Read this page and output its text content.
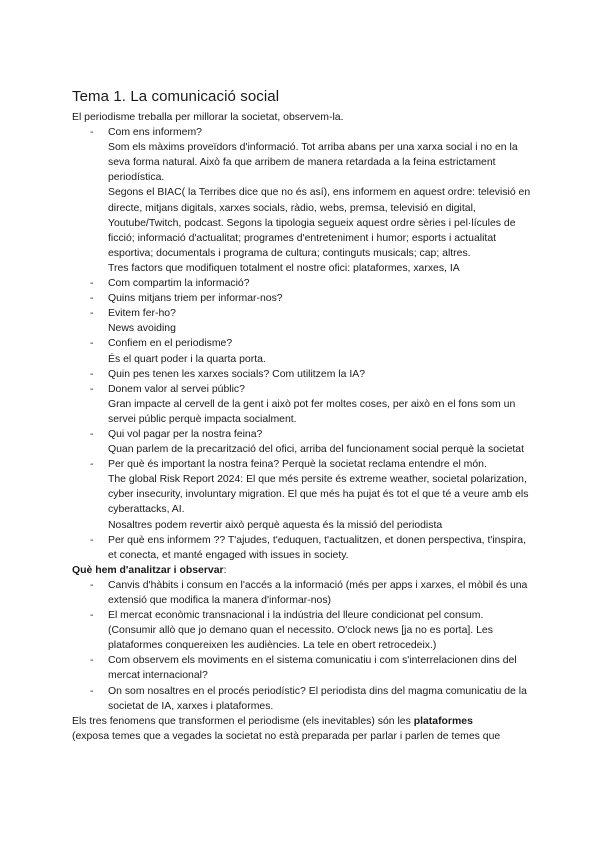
Tema 1. La comunicació social

El periodisme treballa per millorar la societat, observem-la.

- Com ens informem?
Som els màxims proveïdors d'informació. Tot arriba abans per una xarxa social i no en la seva forma natural. Això fa que arribem de manera retardada a la feina estrictament periodística.
Segons el BIAC( la Terribes dice que no és así), ens informem en aquest ordre: televisió en directe, mitjans digitals, xarxes socials, ràdio, webs, premsa, televisió en digital, Youtube/Twitch, podcast. Segons la tipologia segueix aquest ordre sèries i pel·lícules de ficció; informació d'actualitat; programes d'entreteniment i humor; esports i actualitat esportiva; documentals i programa de cultura; continguts musicals; cap; altres.
Tres factors que modifiquen totalment el nostre ofici: plataformes, xarxes, IA
- Com compartim la informació?
- Quins mitjans triem per informar-nos?
- Evitem fer-ho?
News avoiding
- Confiem en el periodisme?
És el quart poder i la quarta porta.
- Quin pes tenen les xarxes socials? Com utilitzem la IA?
- Donem valor al servei públic?
Gran impacte al cervell de la gent i això pot fer moltes coses, per això en el fons som un servei públic perquè impacta socialment.
- Qui vol pagar per la nostra feina?
Quan parlem de la precarització del ofici, arriba del funcionament social perquè la societat
- Per què és important la nostra feina? Perquè la societat reclama entendre el món.
The global Risk Report 2024: El que més persite és extreme weather, societal polarization, cyber insecurity, involuntary migration. El que més ha pujat és tot el que té a veure amb els cyberattacks, AI.
Nosaltres podem revertir això perquè aquesta és la missió del periodista
- Per què ens informem ?? T'ajudes, t'eduquen, t'actualitzen, et donen perspectiva, t'inspira, et conecta, et manté engaged with issues in society.

Què hem d'analitzar i observar:

- Canvis d'hàbits i consum en l'accés a la informació (més per apps i xarxes, el mòbil és una extensió que modifica la manera d'informar-nos)
- El mercat econòmic transnacional i la indústria del lleure condicionat pel consum. (Consumir allò que jo demano quan el necessito. O'clock news [ja no es porta]. Les plataformes conquereixen les audiències. La tele en obert retrocedeix.)
- Com observem els moviments en el sistema comunicatiu i com s'interrelacionen dins del mercat internacional?
- On som nosaltres en el procés periodístic? El periodista dins del magma comunicatiu de la societat de IA, xarxes i plataformes.

Els tres fenomens que transformen el periodisme (els inevitables) són les plataformes
(exposa temes que a vegades la societat no està preparada per parlar i parlen de temes que
